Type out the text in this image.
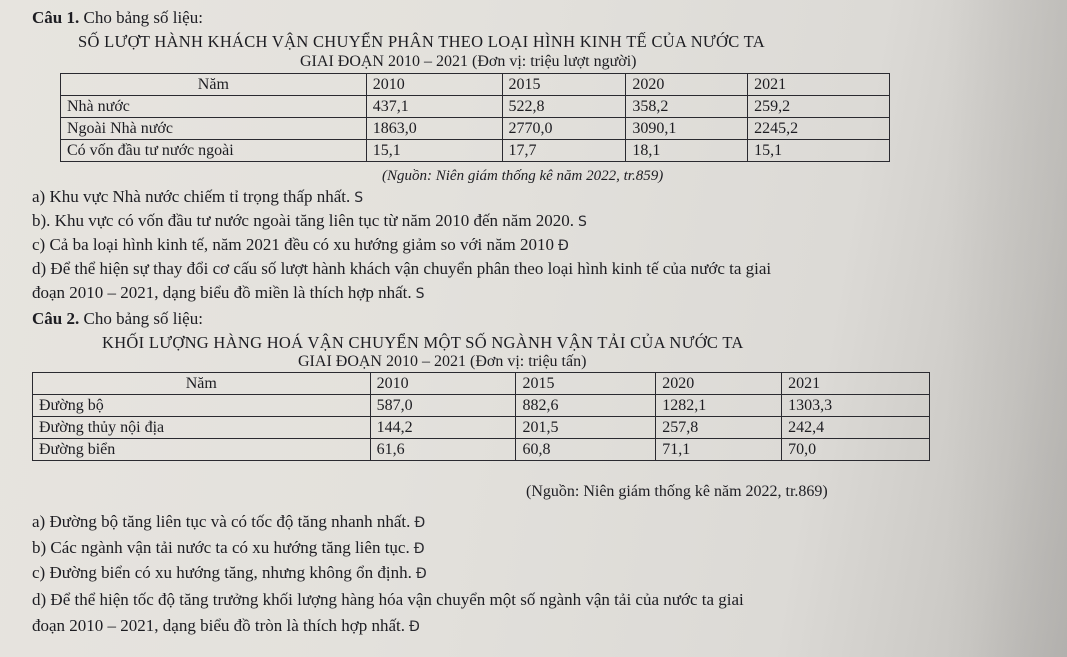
Câu 1. Cho bảng số liệu:
SỐ LƯỢT HÀNH KHÁCH VẬN CHUYỂN PHÂN THEO LOẠI HÌNH KINH TẾ CỦA NƯỚC TA
GIAI ĐOẠN 2010 – 2021 (Đơn vị: triệu lượt người)
Năm	2010	2015	2020	2021
Nhà nước	437,1	522,8	358,2	259,2
Ngoài Nhà nước	1863,0	2770,0	3090,1	2245,2
Có vốn đầu tư nước ngoài	15,1	17,7	18,1	15,1
(Nguồn: Niên giám thống kê năm 2022, tr.859)
a) Khu vực Nhà nước chiếm tỉ trọng thấp nhất. S
b). Khu vực có vốn đầu tư nước ngoài tăng liên tục từ năm 2010 đến năm 2020. S
c) Cả ba loại hình kinh tế, năm 2021 đều có xu hướng giảm so với năm 2010 Đ
d) Để thể hiện sự thay đổi cơ cấu số lượt hành khách vận chuyển phân theo loại hình kinh tế của nước ta giai
đoạn 2010 – 2021, dạng biểu đồ miền là thích hợp nhất. S
Câu 2. Cho bảng số liệu:
KHỐI LƯỢNG HÀNG HOÁ VẬN CHUYỂN MỘT SỐ NGÀNH VẬN TẢI CỦA NƯỚC TA
GIAI ĐOẠN 2010 – 2021 (Đơn vị: triệu tấn)
Năm	2010	2015	2020	2021
Đường bộ	587,0	882,6	1282,1	1303,3
Đường thủy nội địa	144,2	201,5	257,8	242,4
Đường biển	61,6	60,8	71,1	70,0
(Nguồn: Niên giám thống kê năm 2022, tr.869)
a) Đường bộ tăng liên tục và có tốc độ tăng nhanh nhất. Đ
b) Các ngành vận tải nước ta có xu hướng tăng liên tục. Đ
c) Đường biển có xu hướng tăng, nhưng không ổn định. Đ
d) Để thể hiện tốc độ tăng trưởng khối lượng hàng hóa vận chuyển một số ngành vận tải của nước ta giai
đoạn 2010 – 2021, dạng biểu đồ tròn là thích hợp nhất. Đ
